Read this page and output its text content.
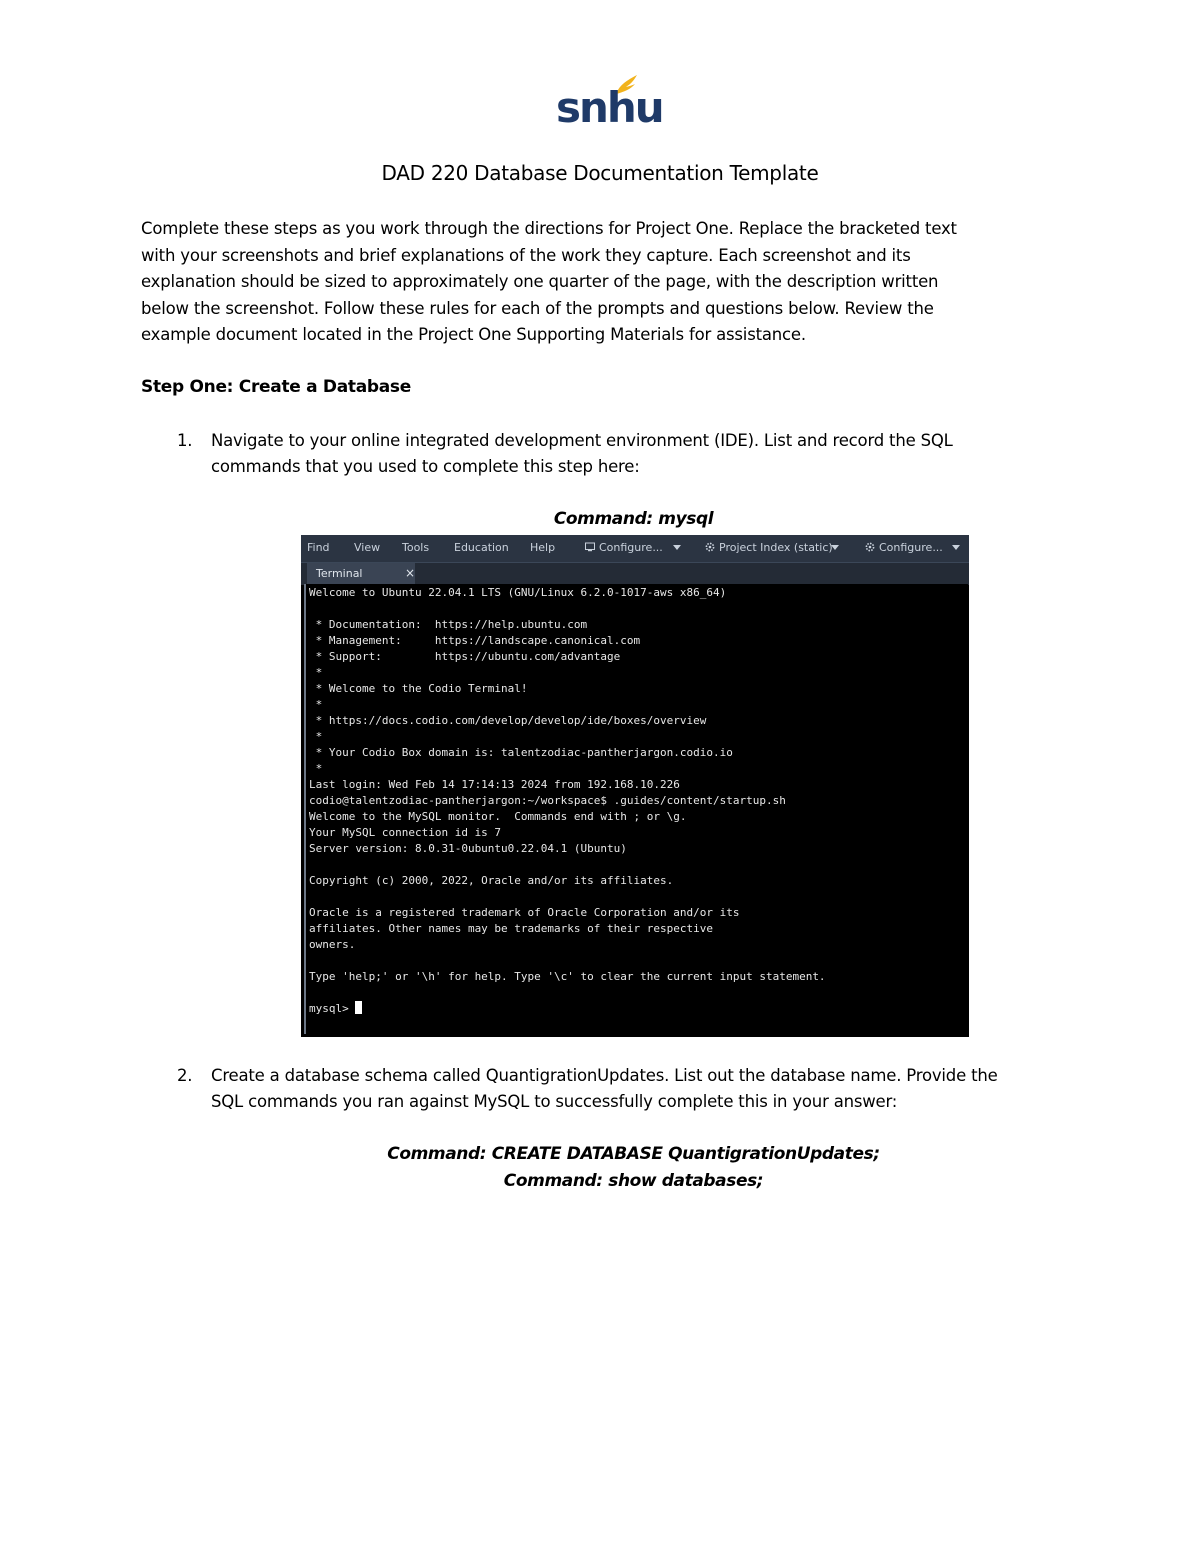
snhu
DAD 220 Database Documentation Template

Complete these steps as you work through the directions for Project One. Replace the bracketed text

with your screenshots and brief explanations of the work they capture. Each screenshot and its

explanation should be sized to approximately one quarter of the page, with the description written

below the screenshot. Follow these rules for each of the prompts and questions below. Review the

example document located in the Project One Supporting Materials for assistance.

Step One: Create a Database
1. Navigate to your online integrated development environment (IDE). List and record the SQL
commands that you used to complete this step here:
Command: mysql
Find View Tools Education Help	Configure...	Project Index (static)	Configure...
Terminal	×
Welcome to Ubuntu 22.04.1 LTS (GNU/Linux 6.2.0-1017-aws x86_64)
* Documentation:  https://help.ubuntu.com
* Management:     https://landscape.canonical.com
* Support:        https://ubuntu.com/advantage
*
* Welcome to the Codio Terminal!
*
* https://docs.codio.com/develop/develop/ide/boxes/overview
*
* Your Codio Box domain is: talentzodiac-pantherjargon.codio.io
*
Last login: Wed Feb 14 17:14:13 2024 from 192.168.10.226
codio@talentzodiac-pantherjargon:~/workspace$ .guides/content/startup.sh
Welcome to the MySQL monitor.  Commands end with ; or \g.
Your MySQL connection id is 7
Server version: 8.0.31-0ubuntu0.22.04.1 (Ubuntu)
Copyright (c) 2000, 2022, Oracle and/or its affiliates.
Oracle is a registered trademark of Oracle Corporation and/or its
affiliates. Other names may be trademarks of their respective
owners.
Type 'help;' or '\h' for help. Type '\c' to clear the current input statement.
mysql>
2. Create a database schema called QuantigrationUpdates. List out the database name. Provide the
SQL commands you ran against MySQL to successfully complete this in your answer:
Command: CREATE DATABASE QuantigrationUpdates;
Command: show databases;
